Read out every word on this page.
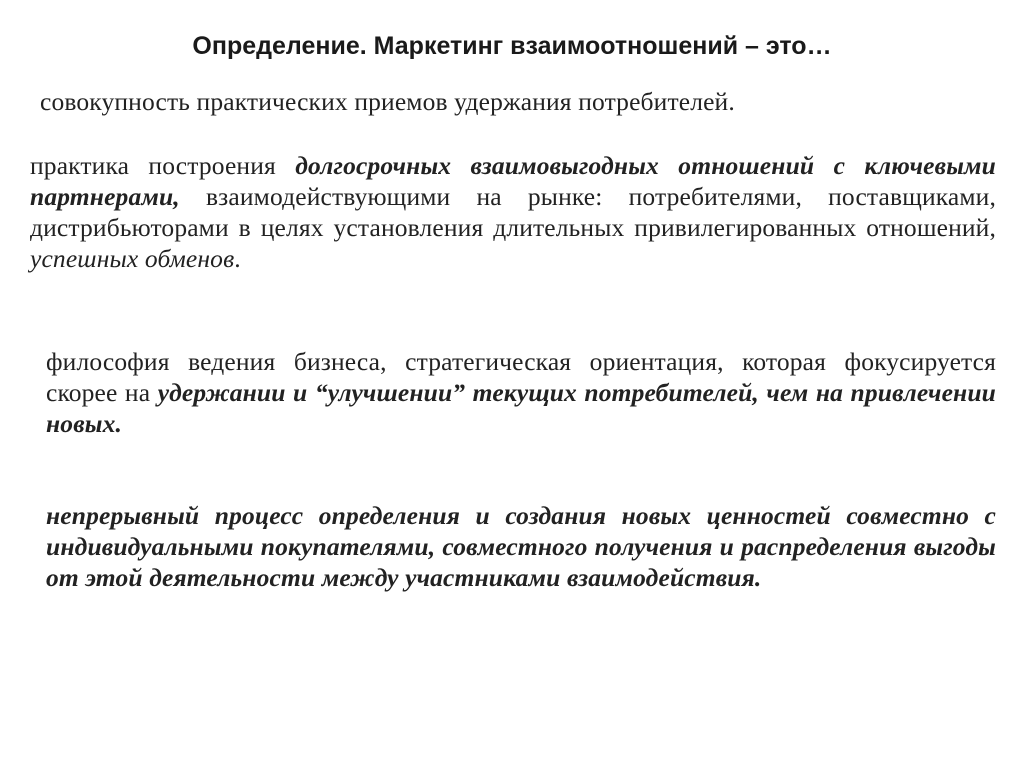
Определение. Маркетинг взаимоотношений – это…

совокупность практических приемов удержания потребителей.

практика построения долгосрочных взаимовыгодных отношений с ключевыми партнерами, взаимодействующими на рынке: потребителями, поставщиками, дистрибьюторами в целях установления длительных привилегированных отношений, успешных обменов.

философия ведения бизнеса, стратегическая ориентация, которая фокусируется скорее на удержании и “улучшении” текущих потребителей, чем на привлечении новых.

непрерывный процесс определения и создания новых ценностей совместно с индивидуальными покупателями, совместного получения и распределения выгоды от этой деятельности между участниками взаимодействия.
